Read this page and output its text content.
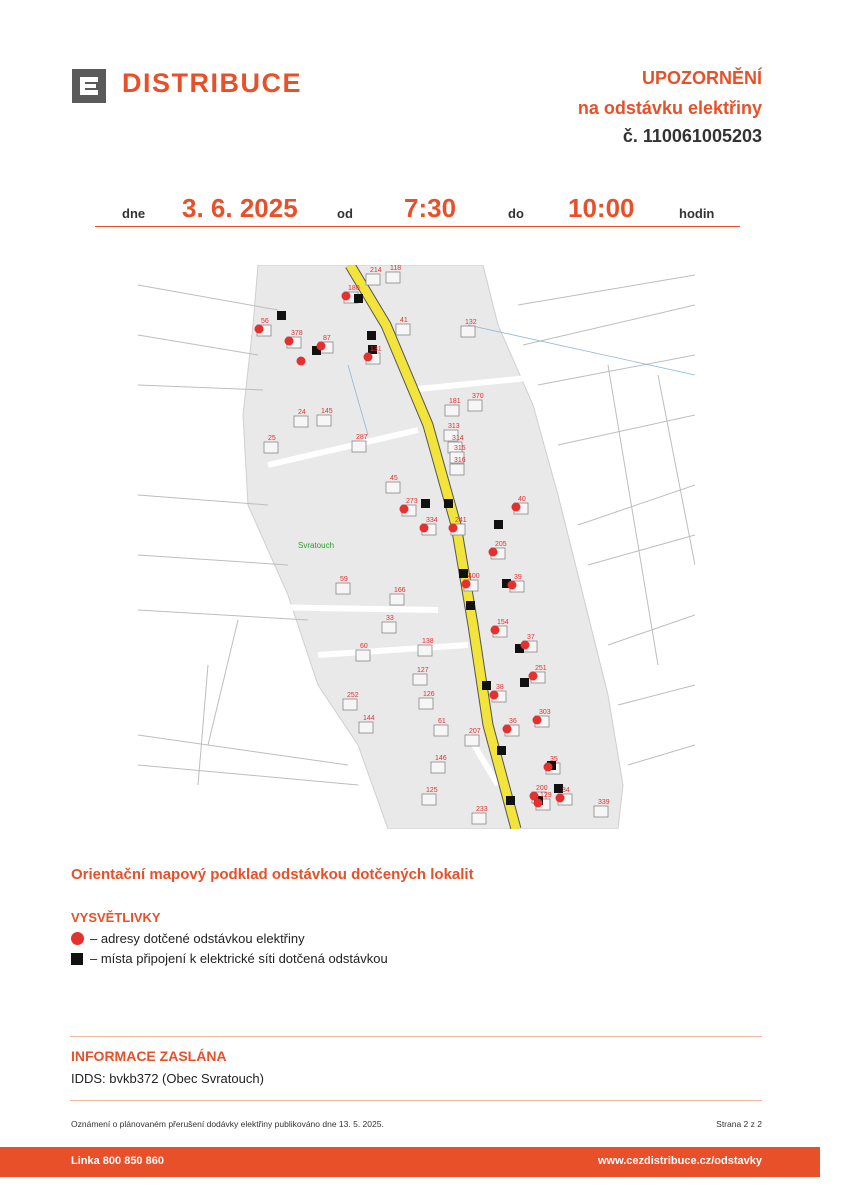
DISTRIBUCE	UPOZORNĚNÍ
na odstávku elektřiny
č. 110061005203
dne 3. 6. 2025	od 7:30	do 10:00	hodin
180
214 118
56
378
87
131
41	132
181
370
24 145
313
314
315
316
25	287
45
273
334 241
40
205
59
166
400	39
33
154
37
60
138
251
127
38
126
303
252
144	61
207
36
146	35
125	200
129
34
339
233
Svratouch
Orientační mapový podklad odstávkou dotčených lokalit
VYSVĚTLIVKY
– adresy dotčené odstávkou elektřiny
– místa připojení k elektrické síti dotčená odstávkou
INFORMACE ZASLÁNA
IDDS: bvkb372 (Obec Svratouch)
Oznámení o plánovaném přerušení dodávky elektřiny publikováno dne 13. 5. 2025.	Strana 2 z 2
Linka 800 850 860	www.cezdistribuce.cz/odstavky
